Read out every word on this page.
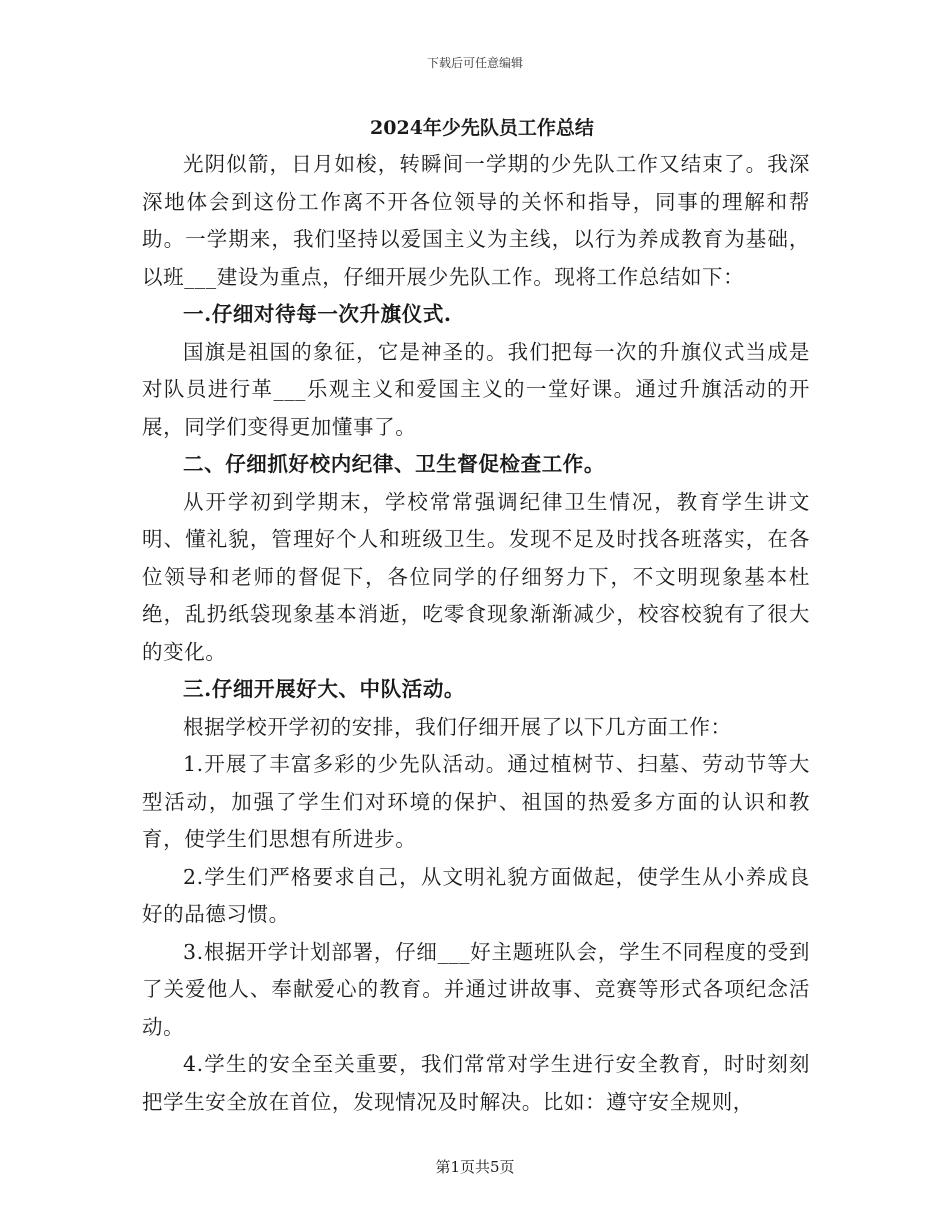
下载后可任意编辑
2024年少先队员工作总结

光阴似箭，日月如梭，转瞬间一学期的少先队工作又结束了。我深深地体会到这份工作离不开各位领导的关怀和指导，同事的理解和帮助。一学期来，我们坚持以爱国主义为主线，以行为养成教育为基础，以班___建设为重点，仔细开展少先队工作。现将工作总结如下：

一.仔细对待每一次升旗仪式.

国旗是祖国的象征，它是神圣的。我们把每一次的升旗仪式当成是对队员进行革___乐观主义和爱国主义的一堂好课。通过升旗活动的开展，同学们变得更加懂事了。

二、仔细抓好校内纪律、卫生督促检查工作。

从开学初到学期末，学校常常强调纪律卫生情况，教育学生讲文明、懂礼貌，管理好个人和班级卫生。发现不足及时找各班落实，在各位领导和老师的督促下，各位同学的仔细努力下，不文明现象基本杜绝，乱扔纸袋现象基本消逝，吃零食现象渐渐减少，校容校貌有了很大的变化。

三.仔细开展好大、中队活动。

根据学校开学初的安排，我们仔细开展了以下几方面工作：

1.开展了丰富多彩的少先队活动。通过植树节、扫墓、劳动节等大型活动，加强了学生们对环境的保护、祖国的热爱多方面的认识和教育，使学生们思想有所进步。

2.学生们严格要求自己，从文明礼貌方面做起，使学生从小养成良好的品德习惯。

3.根据开学计划部署，仔细___好主题班队会，学生不同程度的受到了关爱他人、奉献爱心的教育。并通过讲故事、竞赛等形式各项纪念活动。

4.学生的安全至关重要，我们常常对学生进行安全教育，时时刻刻把学生安全放在首位，发现情况及时解决。比如：遵守安全规则，

第1页共5页
